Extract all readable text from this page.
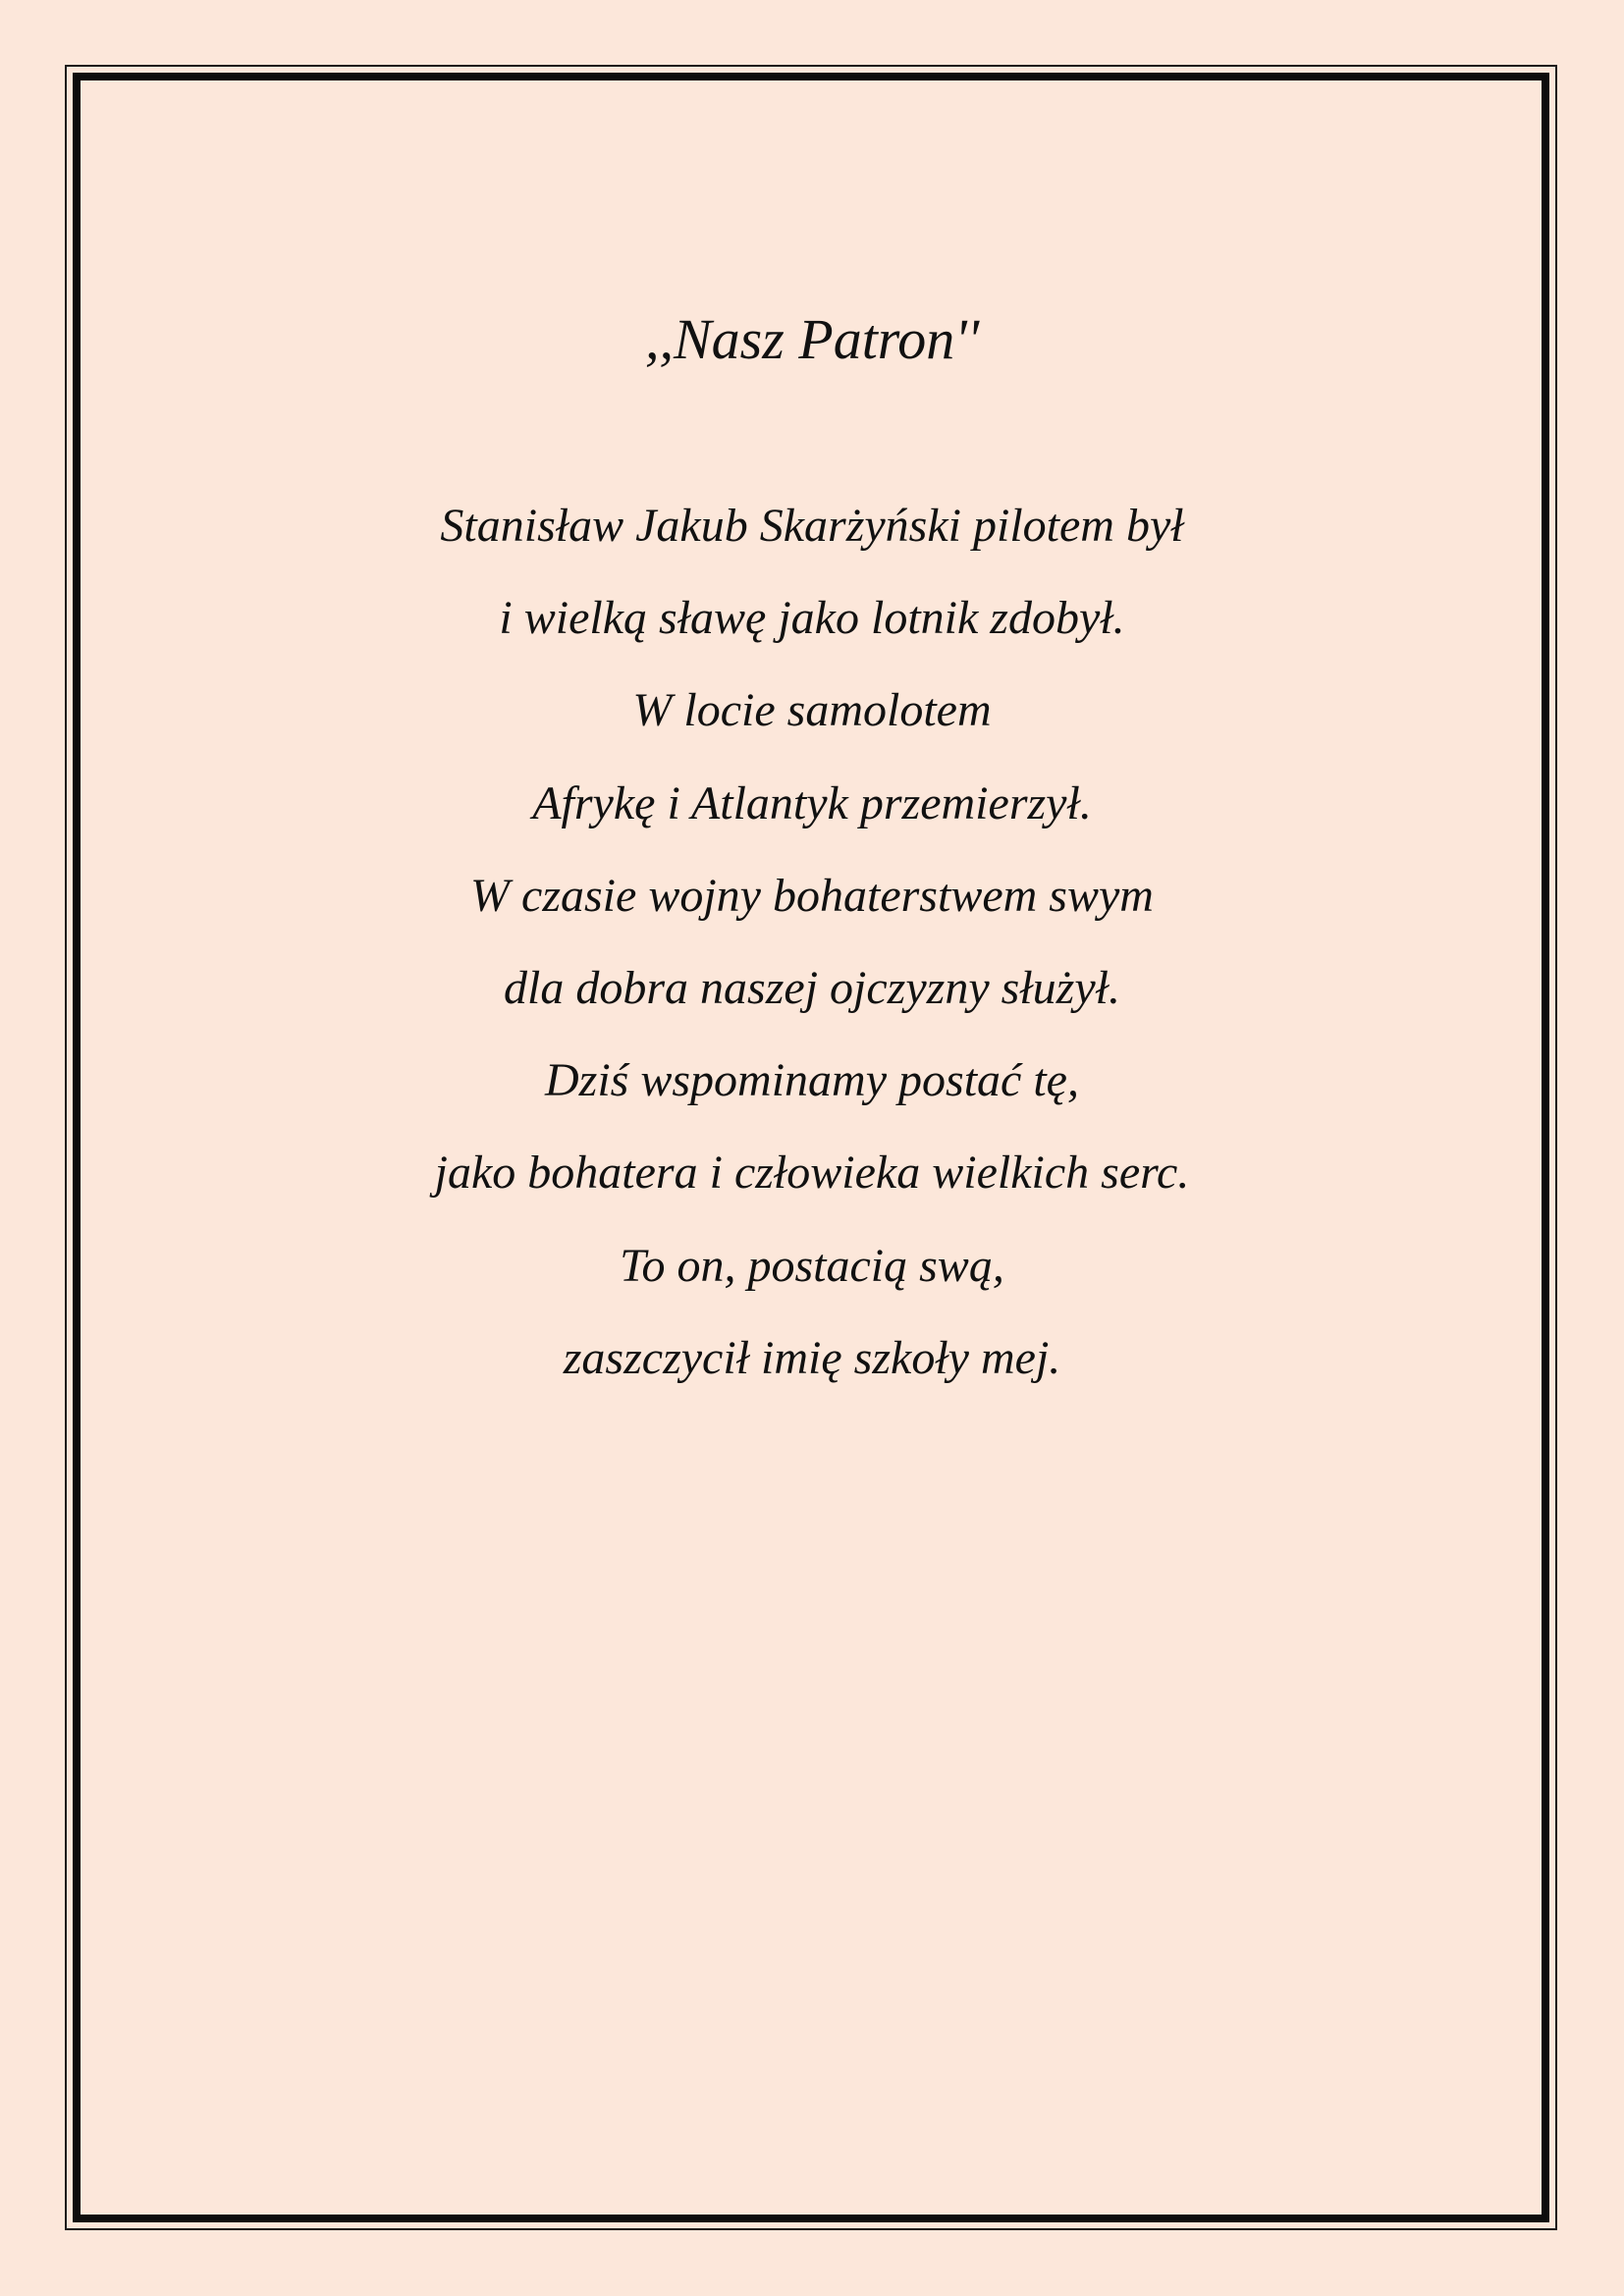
,,Nasz Patron''
Stanisław Jakub Skarżyński pilotem był
i wielką sławę jako lotnik zdobył.
W locie samolotem
Afrykę i Atlantyk przemierzył.
W czasie wojny bohaterstwem swym
dla dobra naszej ojczyzny służył.
Dziś wspominamy postać tę,
jako bohatera i człowieka wielkich serc.
To on, postacią swą,
zaszczycił imię szkoły mej.
